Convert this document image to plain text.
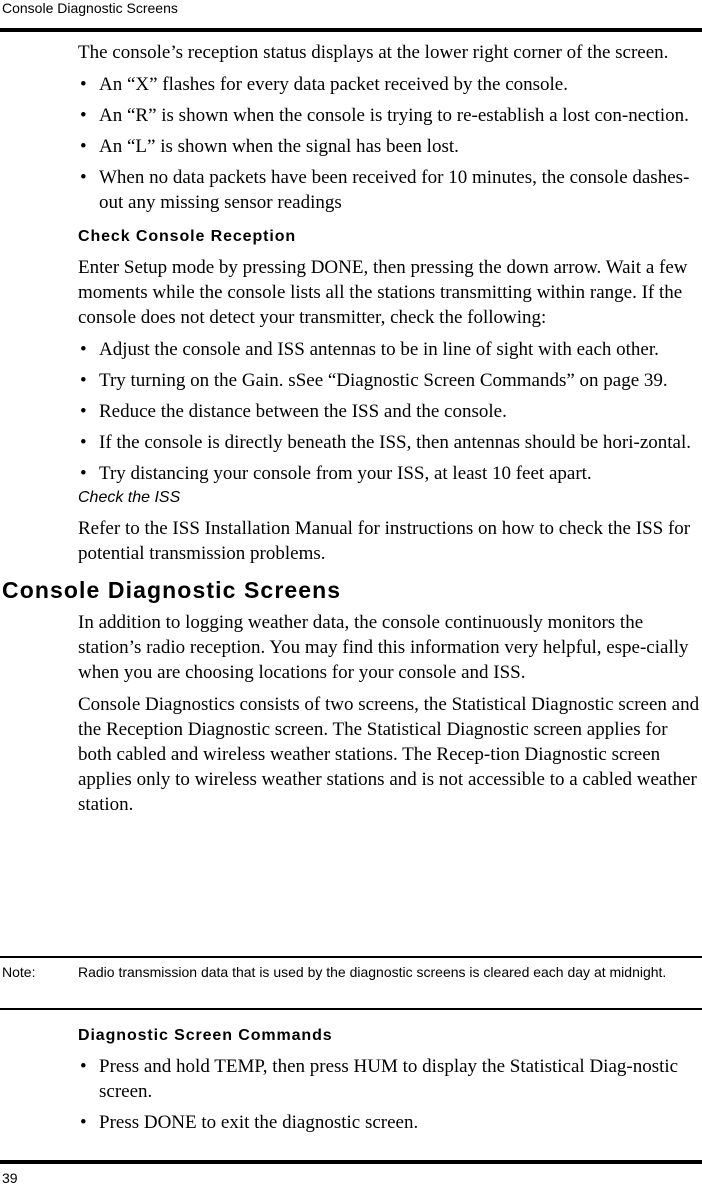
Console Diagnostic Screens

The console’s reception status displays at the lower right corner of the screen.

• An “X” flashes for every data packet received by the console.
• An “R” is shown when the console is trying to re-establish a lost con-nection.
• An “L” is shown when the signal has been lost.
• When no data packets have been received for 10 minutes, the console dashes-out any missing sensor readings
Check Console Reception

Enter Setup mode by pressing DONE, then pressing the down arrow. Wait a few moments while the console lists all the stations transmitting within range. If the console does not detect your transmitter, check the following:

• Adjust the console and ISS antennas to be in line of sight with each other.
• Try turning on the Gain. sSee “Diagnostic Screen Commands” on page 39.
• Reduce the distance between the ISS and the console.
• If the console is directly beneath the ISS, then antennas should be hori-zontal.
• Try distancing your console from your ISS, at least 10 feet apart.
Check the ISS

Refer to the ISS Installation Manual for instructions on how to check the ISS for potential transmission problems.

Console Diagnostic Screens

In addition to logging weather data, the console continuously monitors the station’s radio reception. You may find this information very helpful, espe-cially when you are choosing locations for your console and ISS.

Console Diagnostics consists of two screens, the Statistical Diagnostic screen and the Reception Diagnostic screen. The Statistical Diagnostic screen applies for both cabled and wireless weather stations. The Recep-tion Diagnostic screen applies only to wireless weather stations and is not accessible to a cabled weather station.

Note:	Radio transmission data that is used by the diagnostic screens is cleared each day at midnight.
Diagnostic Screen Commands
• Press and hold TEMP, then press HUM to display the Statistical Diag-nostic screen.
• Press DONE to exit the diagnostic screen.
39
